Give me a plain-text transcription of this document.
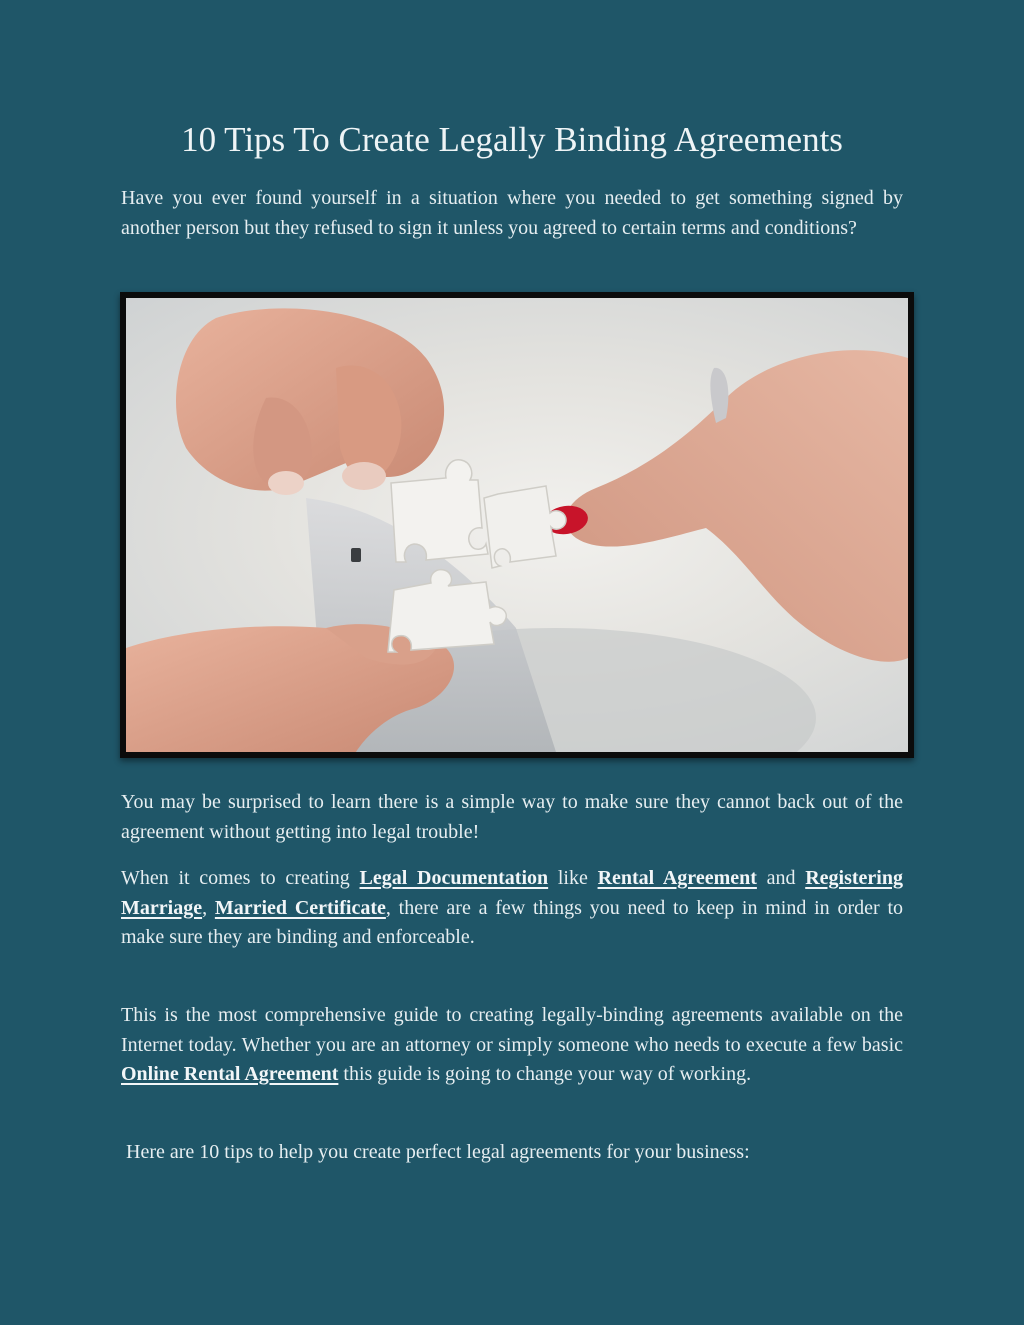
10 Tips To Create Legally Binding Agreements

Have you ever found yourself in a situation where you needed to get something signed by another person but they refused to sign it unless you agreed to certain terms and conditions?

You may be surprised to learn there is a simple way to make sure they cannot back out of the agreement without getting into legal trouble!

When it comes to creating Legal Documentation like Rental Agreement and Registering Marriage, Married Certificate, there are a few things you need to keep in mind in order to make sure they are binding and enforceable.

This is the most comprehensive guide to creating legally-binding agreements available on the Internet today. Whether you are an attorney or simply someone who needs to execute a few basic Online Rental Agreement this guide is going to change your way of working.

Here are 10 tips to help you create perfect legal agreements for your business:
